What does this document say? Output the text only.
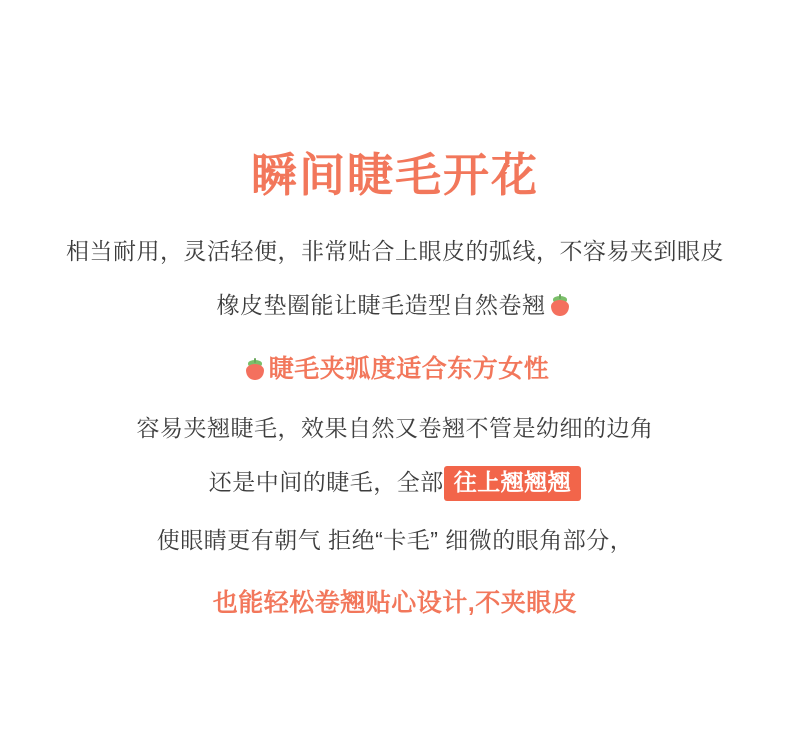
瞬间睫毛开花
相当耐用，灵活轻便，非常贴合上眼皮的弧线，不容易夹到眼皮
橡皮垫圈能让睫毛造型自然卷翘
睫毛夹弧度适合东方女性
容易夹翘睫毛，效果自然又卷翘不管是幼细的边角
还是中间的睫毛，全部 往上翘翘翘
使眼睛更有朝气 拒绝“卡毛” 细微的眼角部分，
也能轻松卷翘贴心设计,不夹眼皮
